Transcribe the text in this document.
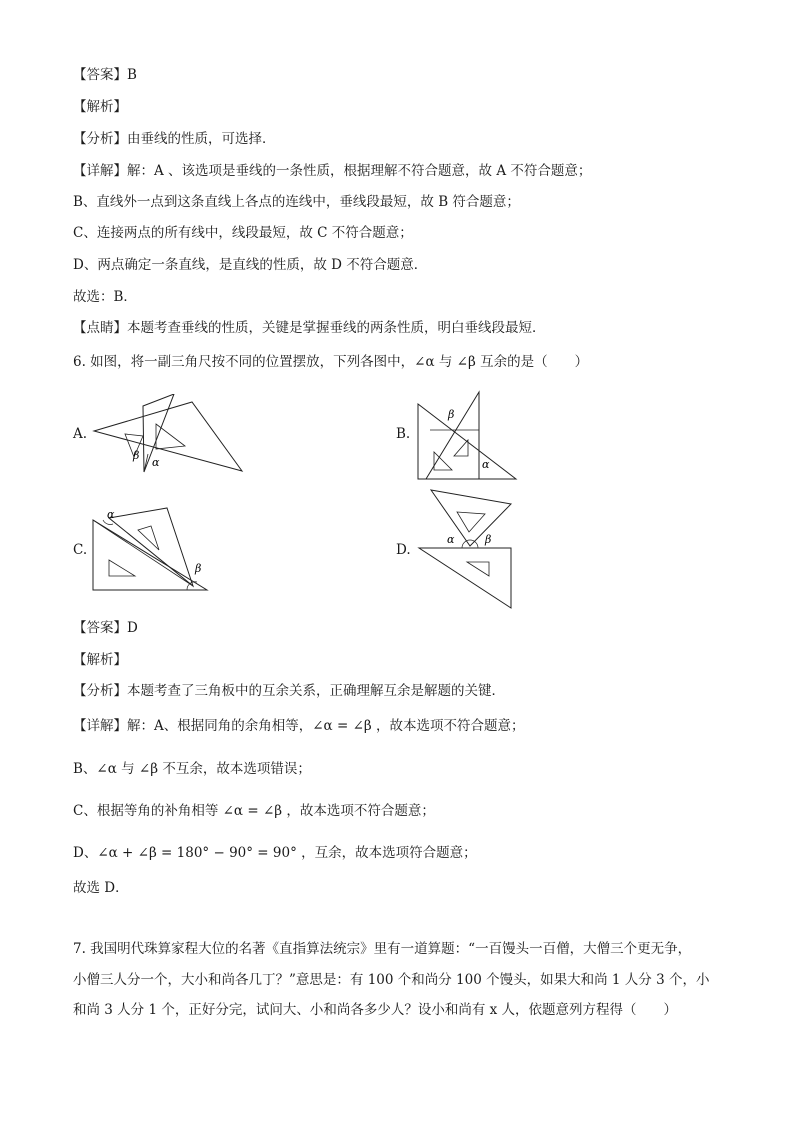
【答案】B
【解析】
【分析】由垂线的性质，可选择．
【详解】解：A 、该选项是垂线的一条性质，根据理解不符合题意，故 A 不符合题意；
B、直线外一点到这条直线上各点的连线中，垂线段最短，故 B 符合题意；
C、连接两点的所有线中，线段最短，故 C 不符合题意；
D、两点确定一条直线，是直线的性质，故 D 不符合题意．
故选：B．
【点睛】本题考查垂线的性质，关键是掌握垂线的两条性质，明白垂线段最短．
6. 如图，将一副三角尺按不同的位置摆放，下列各图中，∠α 与 ∠β 互余的是（　　）
A.
β
α
B.
β
α
C.
α
β
D.
α	β
【答案】D
【解析】
【分析】本题考查了三角板中的互余关系，正确理解互余是解题的关键．
【详解】解：A、根据同角的余角相等，∠α = ∠β ，故本选项不符合题意；
B、∠α 与 ∠β 不互余，故本选项错误；
C、根据等角的补角相等 ∠α = ∠β ，故本选项不符合题意；
D、∠α + ∠β = 180° − 90° = 90° ，互余，故本选项符合题意；
故选 D．
7. 我国明代珠算家程大位的名著《直指算法统宗》里有一道算题：“一百馒头一百僧，大僧三个更无争，
小僧三人分一个，大小和尚各几丁？”意思是：有 100 个和尚分 100 个馒头，如果大和尚 1 人分 3 个，小
和尚 3 人分 1 个，正好分完，试问大、小和尚各多少人？设小和尚有 x 人，依题意列方程得（　　）
